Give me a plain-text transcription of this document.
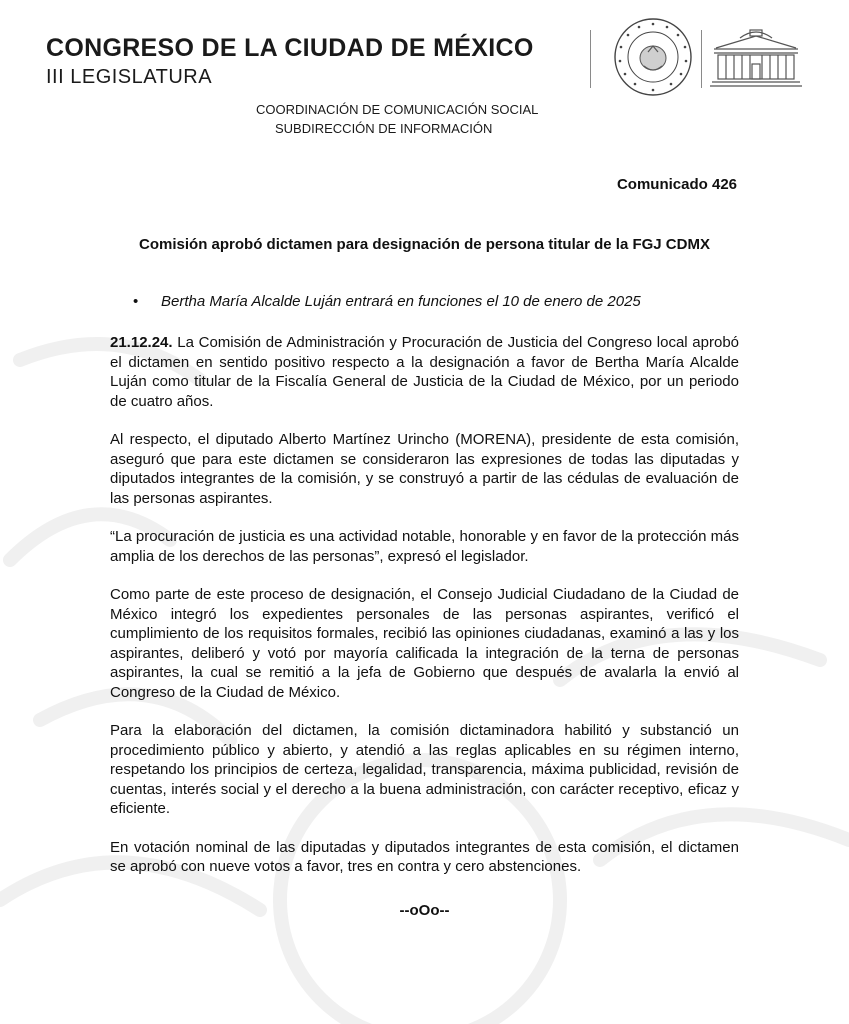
CONGRESO DE LA CIUDAD DE MÉXICO
III LEGISLATURA
COORDINACIÓN DE COMUNICACIÓN SOCIAL
SUBDIRECCIÓN DE INFORMACIÓN
Comunicado 426
Comisión aprobó dictamen para designación de persona titular de la FGJ CDMX
• Bertha María Alcalde Luján entrará en funciones el 10 de enero de 2025

21.12.24. La Comisión de Administración y Procuración de Justicia del Congreso local aprobó el dictamen en sentido positivo respecto a la designación a favor de Bertha María Alcalde Luján como titular de la Fiscalía General de Justicia de la Ciudad de México, por un periodo de cuatro años.

Al respecto, el diputado Alberto Martínez Urincho (MORENA), presidente de esta comisión, aseguró que para este dictamen se consideraron las expresiones de todas las diputadas y diputados integrantes de la comisión, y se construyó a partir de las cédulas de evaluación de las personas aspirantes.

“La procuración de justicia es una actividad notable, honorable y en favor de la protección más amplia de los derechos de las personas”, expresó el legislador.

Como parte de este proceso de designación, el Consejo Judicial Ciudadano de la Ciudad de México integró los expedientes personales de las personas aspirantes, verificó el cumplimiento de los requisitos formales, recibió las opiniones ciudadanas, examinó a las y los aspirantes, deliberó y votó por mayoría calificada la integración de la terna de personas aspirantes, la cual se remitió a la jefa de Gobierno que después de avalarla la envió al Congreso de la Ciudad de México.

Para la elaboración del dictamen, la comisión dictaminadora habilitó y substanció un procedimiento público y abierto, y atendió a las reglas aplicables en su régimen interno, respetando los principios de certeza, legalidad, transparencia, máxima publicidad, revisión de cuentas, interés social y el derecho a la buena administración, con carácter receptivo, eficaz y eficiente.

En votación nominal de las diputadas y diputados integrantes de esta comisión, el dictamen se aprobó con nueve votos a favor, tres en contra y cero abstenciones.

--oOo--
